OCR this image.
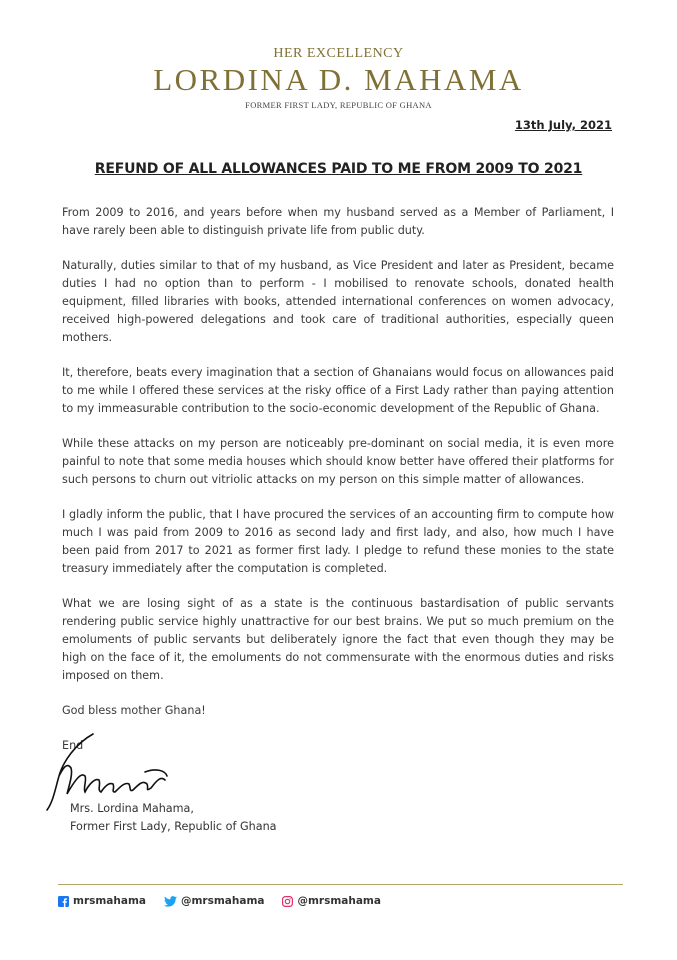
HER EXCELLENCY
LORDINA D. MAHAMA
FORMER FIRST LADY, REPUBLIC OF GHANA
13th July, 2021
REFUND OF ALL ALLOWANCES PAID TO ME FROM 2009 TO 2021

From 2009 to 2016, and years before when my husband served as a Member of Parliament, I have rarely been able to distinguish private life from public duty.

Naturally, duties similar to that of my husband, as Vice President and later as President, became duties I had no option than to perform - I mobilised to renovate schools, donated health equipment, filled libraries with books, attended international conferences on women advocacy, received high-powered delegations and took care of traditional authorities, especially queen mothers.

It, therefore, beats every imagination that a section of Ghanaians would focus on allowances paid to me while I offered these services at the risky office of a First Lady rather than paying attention to my immeasurable contribution to the socio-economic development of the Republic of Ghana.

While these attacks on my person are noticeably pre-dominant on social media, it is even more painful to note that some media houses which should know better have offered their platforms for such persons to churn out vitriolic attacks on my person on this simple matter of allowances.

I gladly inform the public, that I have procured the services of an accounting firm to compute how much I was paid from 2009 to 2016 as second lady and first lady, and also, how much I have been paid from 2017 to 2021 as former first lady. I pledge to refund these monies to the state treasury immediately after the computation is completed.

What we are losing sight of as a state is the continuous bastardisation of public servants rendering public service highly unattractive for our best brains. We put so much premium on the emoluments of public servants but deliberately ignore the fact that even though they may be high on the face of it, the emoluments do not commensurate with the enormous duties and risks imposed on them.

God bless mother Ghana!

End

Mrs. Lordina Mahama,
Former First Lady, Republic of Ghana
mrsmahama	@mrsmahama	@mrsmahama
